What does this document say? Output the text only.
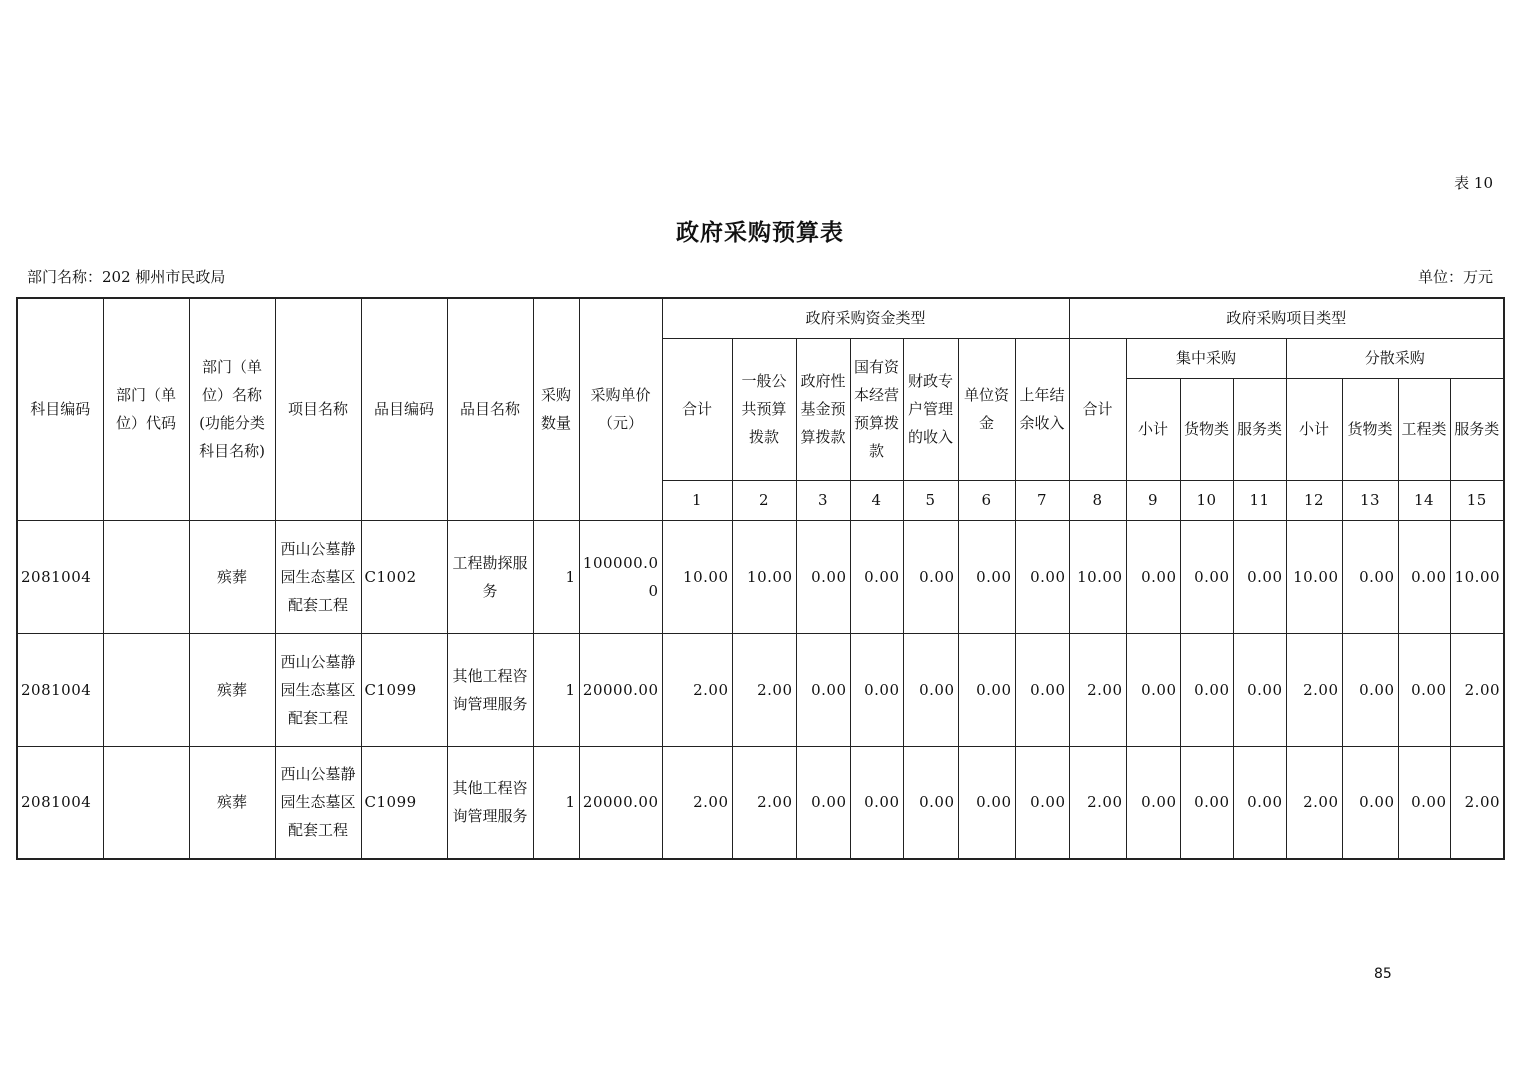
表 10
政府采购预算表
部门名称：202 柳州市民政局	单位：万元
科目编码	部门（单位）代码	部门（单位）名称(功能分类科目名称)	项目名称	品目编码	品目名称	采购数量	采购单价（元）	政府采购资金类型							政府采购项目类型							
								合计	一般公共预算拨款	政府性基金预算拨款	国有资本经营预算拨款	财政专户管理的收入	单位资金	上年结余收入	合计	集中采购			分散采购			
																小计	货物类	服务类	小计	货物类	工程类	服务类
								1	2	3	4	5	6	7	8	9	10	11	12	13	14	15
2081004		殡葬	西山公墓静园生态墓区配套工程	C1002	工程勘探服务	1	100000.00	10.00	10.00	0.00	0.00	0.00	0.00	0.00	10.00	0.00	0.00	0.00	10.00	0.00	0.00	10.00
2081004		殡葬	西山公墓静园生态墓区配套工程	C1099	其他工程咨询管理服务	1	20000.00	2.00	2.00	0.00	0.00	0.00	0.00	0.00	2.00	0.00	0.00	0.00	2.00	0.00	0.00	2.00
2081004		殡葬	西山公墓静园生态墓区配套工程	C1099	其他工程咨询管理服务	1	20000.00	2.00	2.00	0.00	0.00	0.00	0.00	0.00	2.00	0.00	0.00	0.00	2.00	0.00	0.00	2.00
85
